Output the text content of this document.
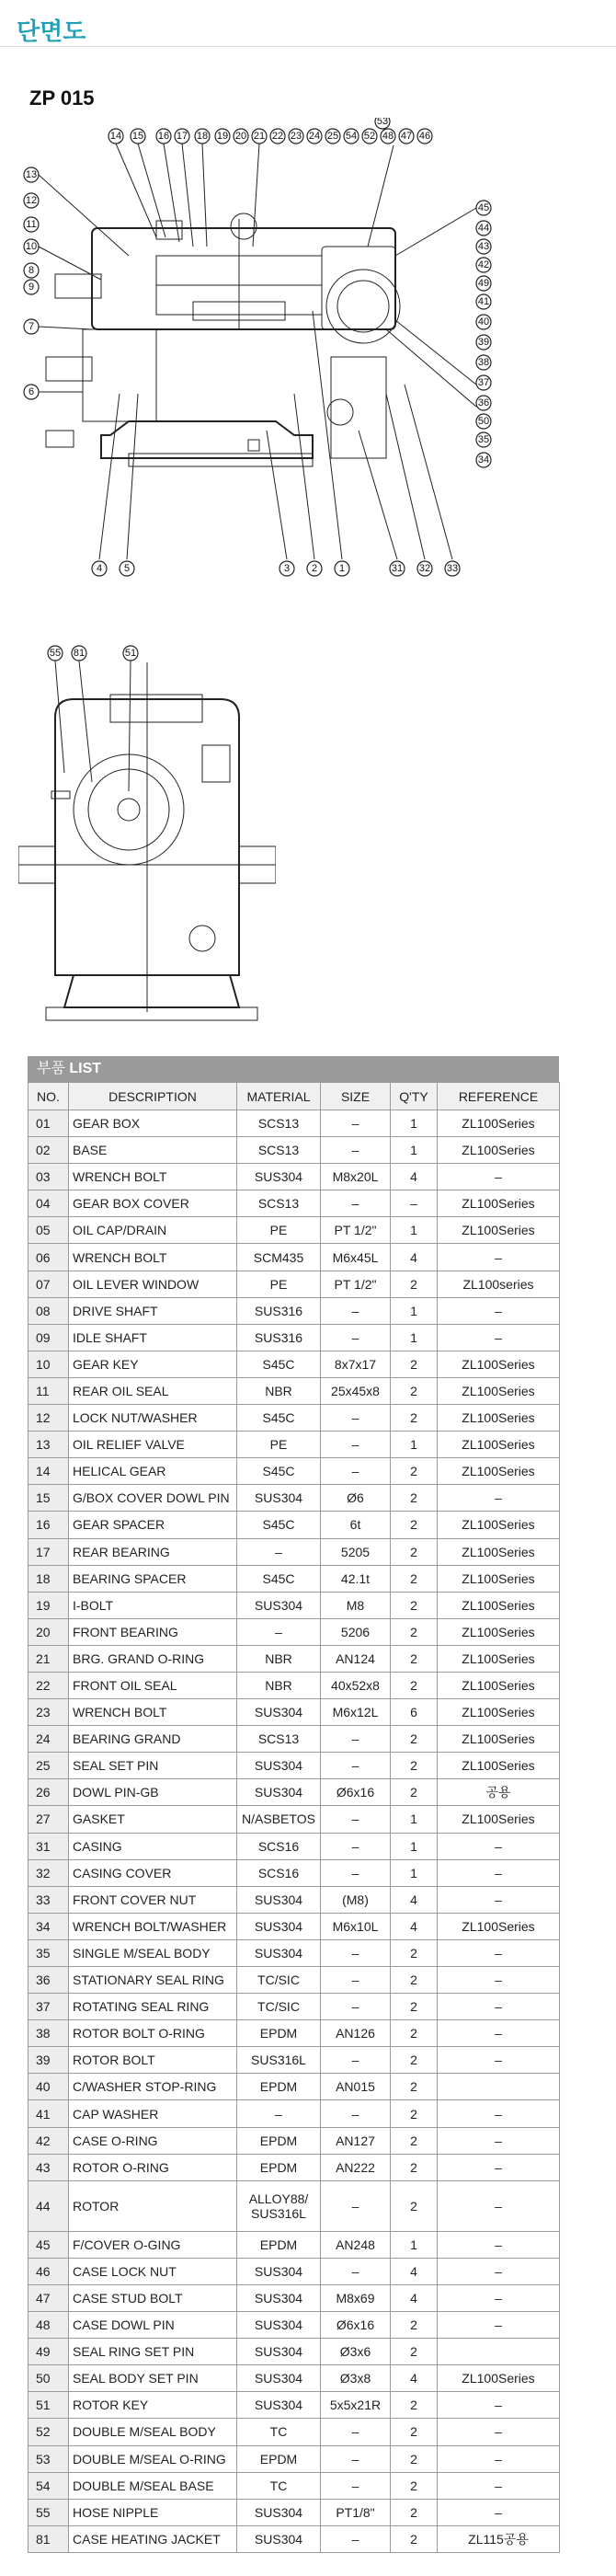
단면도
ZP 015
14 15 16 17 18 19 20 21 22 23 24 25 54 52 48 47 46
53
13
12
11
10
8
9
7
6
45
44
43
42
49
41
40
39
38
37
36
50
35
34
4 5	3 2 1	31 32 33
55 81	51
부품 LIST
NO.	DESCRIPTION	MATERIAL	SIZE	Q'TY	REFERENCE
01	GEAR BOX	SCS13	–	1	ZL100Series
02	BASE	SCS13	–	1	ZL100Series
03	WRENCH BOLT	SUS304	M8x20L	4	–
04	GEAR BOX COVER	SCS13	–	–	ZL100Series
05	OIL CAP/DRAIN	PE	PT 1/2"	1	ZL100Series
06	WRENCH BOLT	SCM435	M6x45L	4	–
07	OIL LEVER WINDOW	PE	PT 1/2"	2	ZL100series
08	DRIVE SHAFT	SUS316	–	1	–
09	IDLE SHAFT	SUS316	–	1	–
10	GEAR KEY	S45C	8x7x17	2	ZL100Series
11	REAR OIL SEAL	NBR	25x45x8	2	ZL100Series
12	LOCK NUT/WASHER	S45C	–	2	ZL100Series
13	OIL RELIEF VALVE	PE	–	1	ZL100Series
14	HELICAL GEAR	S45C	–	2	ZL100Series
15	G/BOX COVER DOWL PIN	SUS304	Ø6	2	–
16	GEAR SPACER	S45C	6t	2	ZL100Series
17	REAR BEARING	–	5205	2	ZL100Series
18	BEARING SPACER	S45C	42.1t	2	ZL100Series
19	I-BOLT	SUS304	M8	2	ZL100Series
20	FRONT BEARING	–	5206	2	ZL100Series
21	BRG. GRAND O-RING	NBR	AN124	2	ZL100Series
22	FRONT OIL SEAL	NBR	40x52x8	2	ZL100Series
23	WRENCH BOLT	SUS304	M6x12L	6	ZL100Series
24	BEARING GRAND	SCS13	–	2	ZL100Series
25	SEAL SET PIN	SUS304	–	2	ZL100Series
26	DOWL PIN-GB	SUS304	Ø6x16	2	공용
27	GASKET	N/ASBETOS	–	1	ZL100Series
31	CASING	SCS16	–	1	–
32	CASING COVER	SCS16	–	1	–
33	FRONT COVER NUT	SUS304	(M8)	4	–
34	WRENCH BOLT/WASHER	SUS304	M6x10L	4	ZL100Series
35	SINGLE M/SEAL BODY	SUS304	–	2	–
36	STATIONARY SEAL RING	TC/SIC	–	2	–
37	ROTATING SEAL RING	TC/SIC	–	2	–
38	ROTOR BOLT O-RING	EPDM	AN126	2	–
39	ROTOR BOLT	SUS316L	–	2	–
40	C/WASHER STOP-RING	EPDM	AN015	2	
41	CAP WASHER	–	–	2	–
42	CASE O-RING	EPDM	AN127	2	–
43	ROTOR O-RING	EPDM	AN222	2	–
44	ROTOR	ALLOY88/ SUS316L	–	2	–
45	F/COVER O-GING	EPDM	AN248	1	–
46	CASE LOCK NUT	SUS304	–	4	–
47	CASE STUD BOLT	SUS304	M8x69	4	–
48	CASE DOWL PIN	SUS304	Ø6x16	2	–
49	SEAL RING SET PIN	SUS304	Ø3x6	2	
50	SEAL BODY SET PIN	SUS304	Ø3x8	4	ZL100Series
51	ROTOR KEY	SUS304	5x5x21R	2	–
52	DOUBLE M/SEAL BODY	TC	–	2	–
53	DOUBLE M/SEAL O-RING	EPDM	–	2	–
54	DOUBLE M/SEAL BASE	TC	–	2	–
55	HOSE NIPPLE	SUS304	PT1/8"	2	–
81	CASE HEATING JACKET	SUS304	–	2	ZL115공용
